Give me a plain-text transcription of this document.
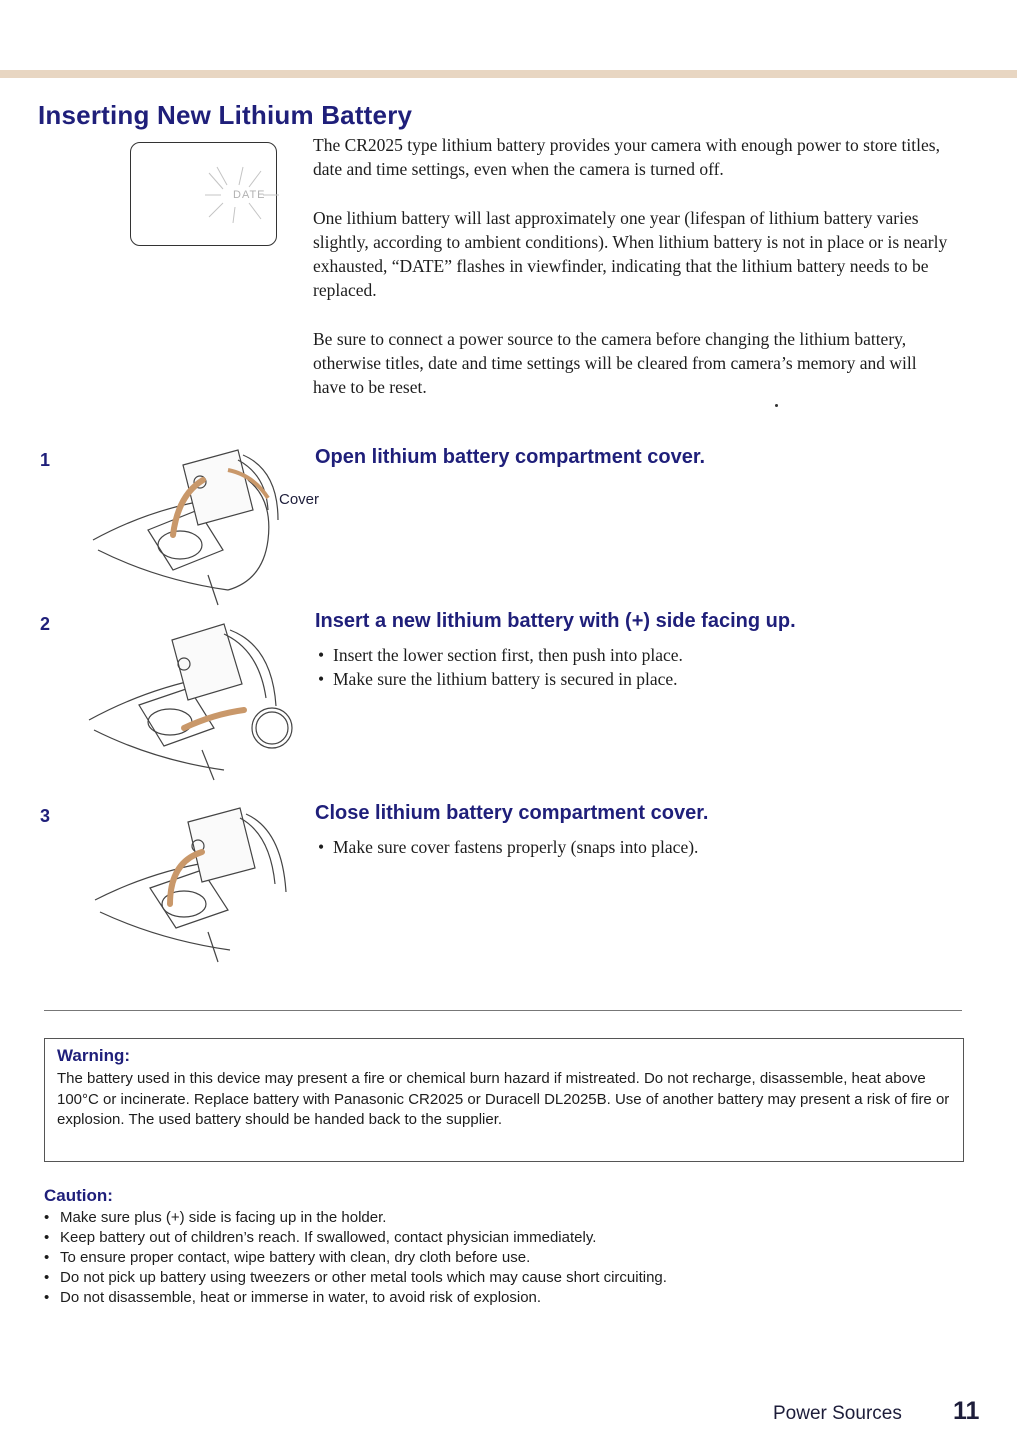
Inserting New Lithium Battery
DATE

The CR2025 type lithium battery provides your camera with enough power to store titles, date and time settings, even when the camera is turned off.

One lithium battery will last approximately one year (lifespan of lithium battery varies slightly, according to ambient conditions). When lithium battery is not in place or is nearly exhausted, “DATE” flashes in viewfinder, indicating that the lithium battery needs to be replaced.

Be sure to connect a power source to the camera before changing the lithium battery, otherwise titles, date and time settings will be cleared from camera’s memory and will have to be reset.

1
Cover
Open lithium battery compartment cover.
2	Insert a new lithium battery with (+) side facing up.
• Insert the lower section first, then push into place.
• Make sure the lithium battery is secured in place.
3	Close lithium battery compartment cover.
• Make sure cover fastens properly (snaps into place).
Warning:
The battery used in this device may present a fire or chemical burn hazard if mistreated. Do not recharge, disassemble, heat above 100°C or incinerate. Replace battery with Panasonic CR2025 or Duracell DL2025B. Use of another battery may present a risk of fire or explosion. The used battery should be handed back to the supplier.
Caution:
• Make sure plus (+) side is facing up in the holder.
• Keep battery out of children’s reach. If swallowed, contact physician immediately.
• To ensure proper contact, wipe battery with clean, dry cloth before use.
• Do not pick up battery using tweezers or other metal tools which may cause short circuiting.
• Do not disassemble, heat or immerse in water, to avoid risk of explosion.
Power Sources 11
